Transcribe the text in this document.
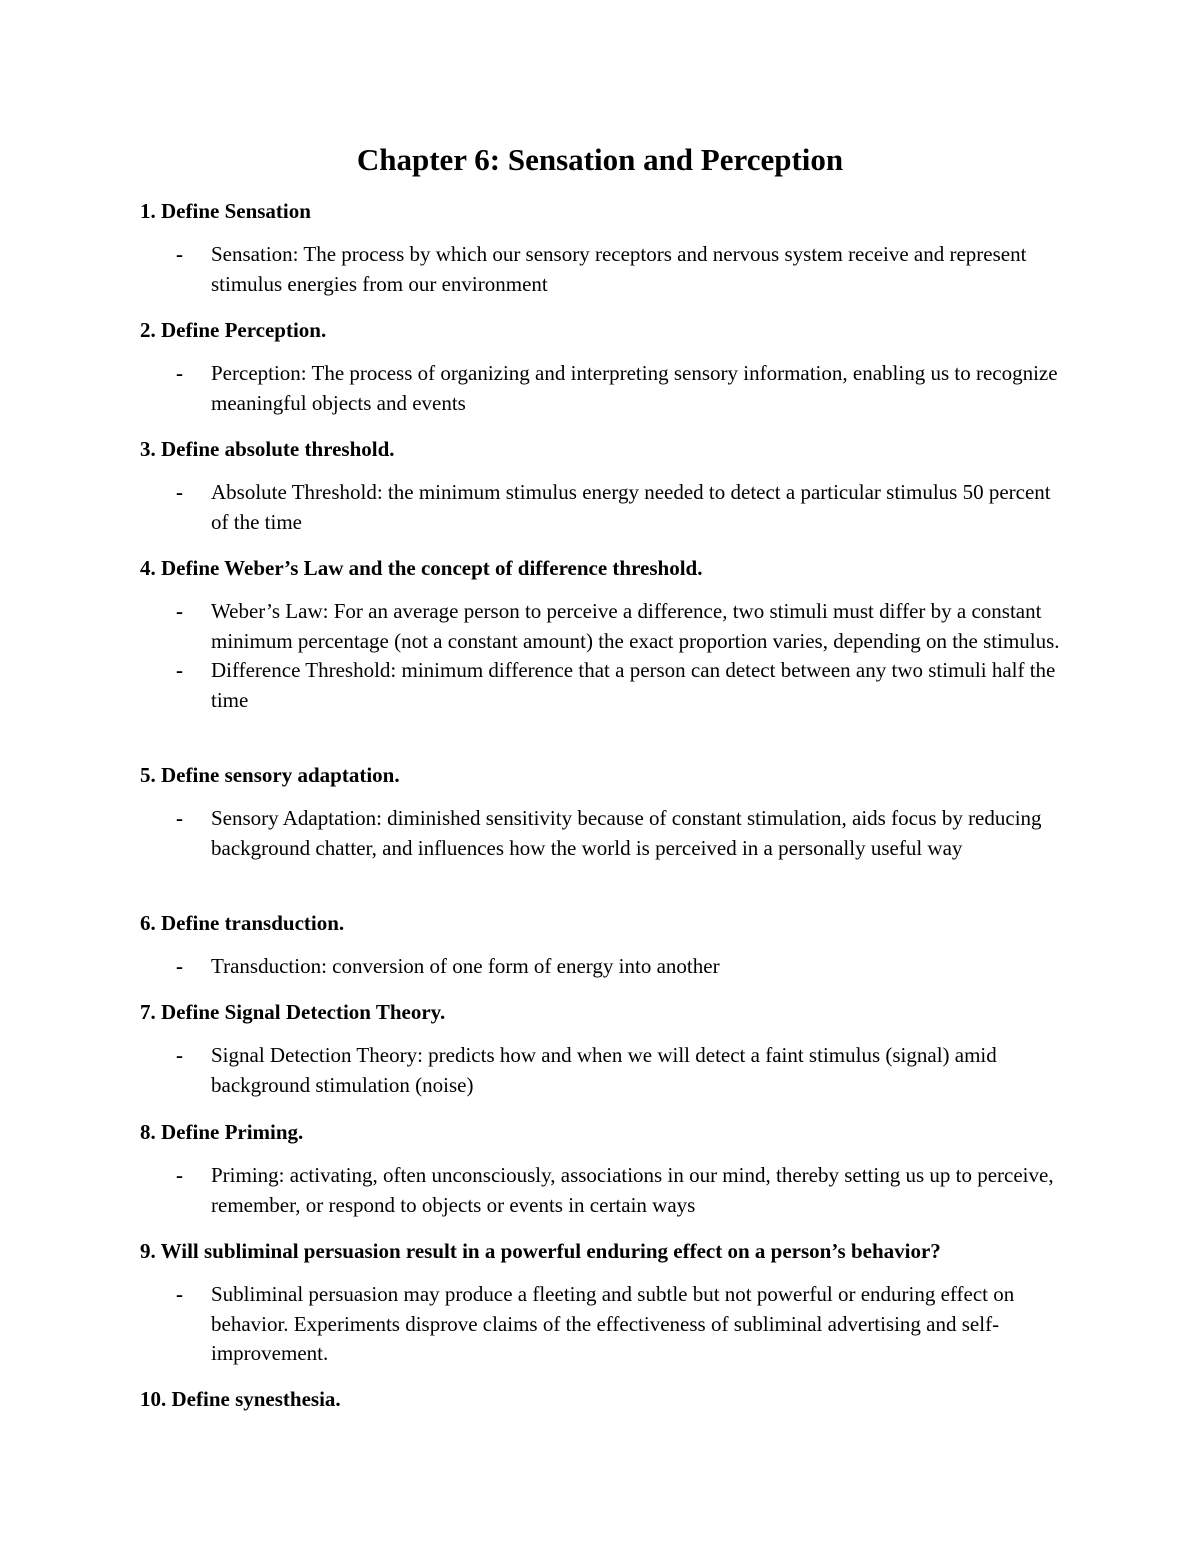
Chapter 6: Sensation and Perception

1. Define Sensation

- Sensation: The process by which our sensory receptors and nervous system receive and represent stimulus energies from our environment

2. Define Perception.

- Perception: The process of organizing and interpreting sensory information, enabling us to recognize meaningful objects and events

3. Define absolute threshold.

- Absolute Threshold: the minimum stimulus energy needed to detect a particular stimulus 50 percent of the time

4. Define Weber’s Law and the concept of difference threshold.

- Weber’s Law: For an average person to perceive a difference, two stimuli must differ by a constant minimum percentage (not a constant amount) the exact proportion varies, depending on the stimulus.
- Difference Threshold: minimum difference that a person can detect between any two stimuli half the time

5. Define sensory adaptation.

- Sensory Adaptation: diminished sensitivity because of constant stimulation, aids focus by reducing background chatter, and influences how the world is perceived in a personally useful way

6. Define transduction.

- Transduction: conversion of one form of energy into another

7. Define Signal Detection Theory.

- Signal Detection Theory: predicts how and when we will detect a faint stimulus (signal) amid background stimulation (noise)

8. Define Priming.

- Priming: activating, often unconsciously, associations in our mind, thereby setting us up to perceive, remember, or respond to objects or events in certain ways

9. Will subliminal persuasion result in a powerful enduring effect on a person’s behavior?

- Subliminal persuasion may produce a fleeting and subtle but not powerful or enduring effect on behavior. Experiments disprove claims of the effectiveness of subliminal advertising and self-improvement.

10. Define synesthesia.
